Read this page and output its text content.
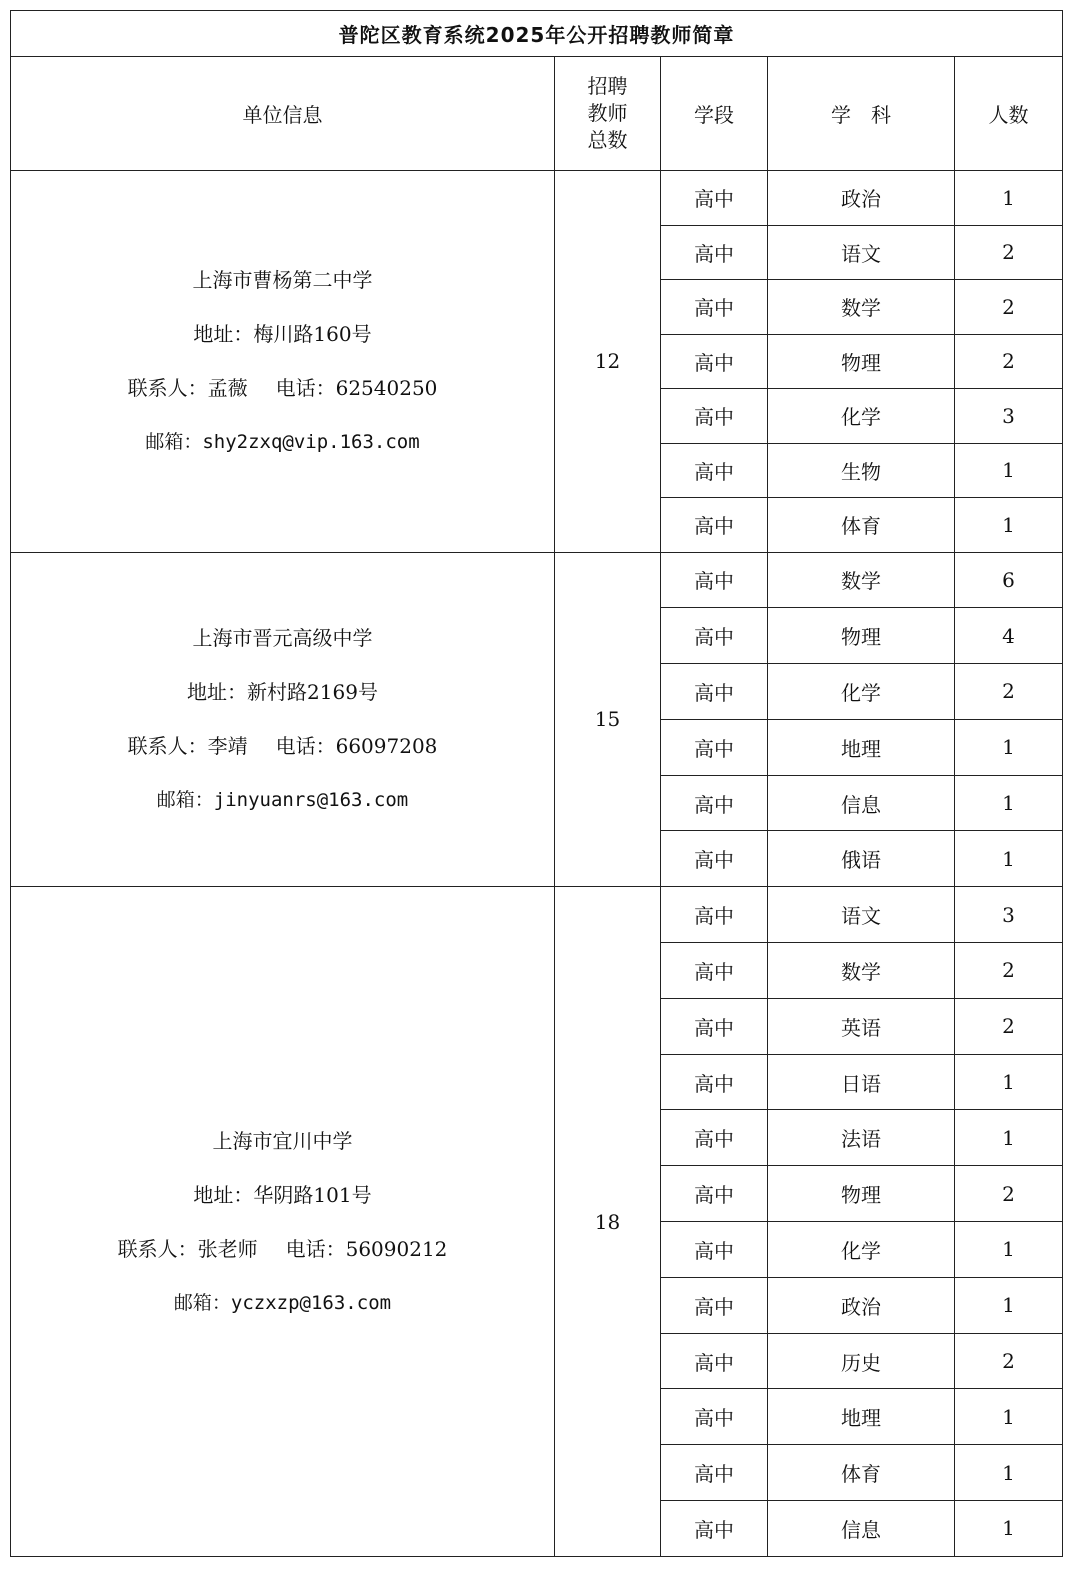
普陀区教育系统2025年公开招聘教师简章				
单位信息	招聘
教师
总数	学段	学　科	人数

上海市曹杨第二中学
地址：梅川路160号
联系人：孟薇 电话：62540250
邮箱：shy2zxq@vip.163.com	12	高中	政治	1
		高中	语文	2
		高中	数学	2
		高中	物理	2
		高中	化学	3
		高中	生物	1
		高中	体育	1

上海市晋元高级中学
地址：新村路2169号
联系人：李靖 电话：66097208
邮箱：jinyuanrs@163.com	15	高中	数学	6
		高中	物理	4
		高中	化学	2
		高中	地理	1
		高中	信息	1
		高中	俄语	1

上海市宜川中学
地址：华阴路101号
联系人：张老师 电话：56090212
邮箱：yczxzp@163.com	18	高中	语文	3
		高中	数学	2
		高中	英语	2
		高中	日语	1
		高中	法语	1
		高中	物理	2
		高中	化学	1
		高中	政治	1
		高中	历史	2
		高中	地理	1
		高中	体育	1
		高中	信息	1
